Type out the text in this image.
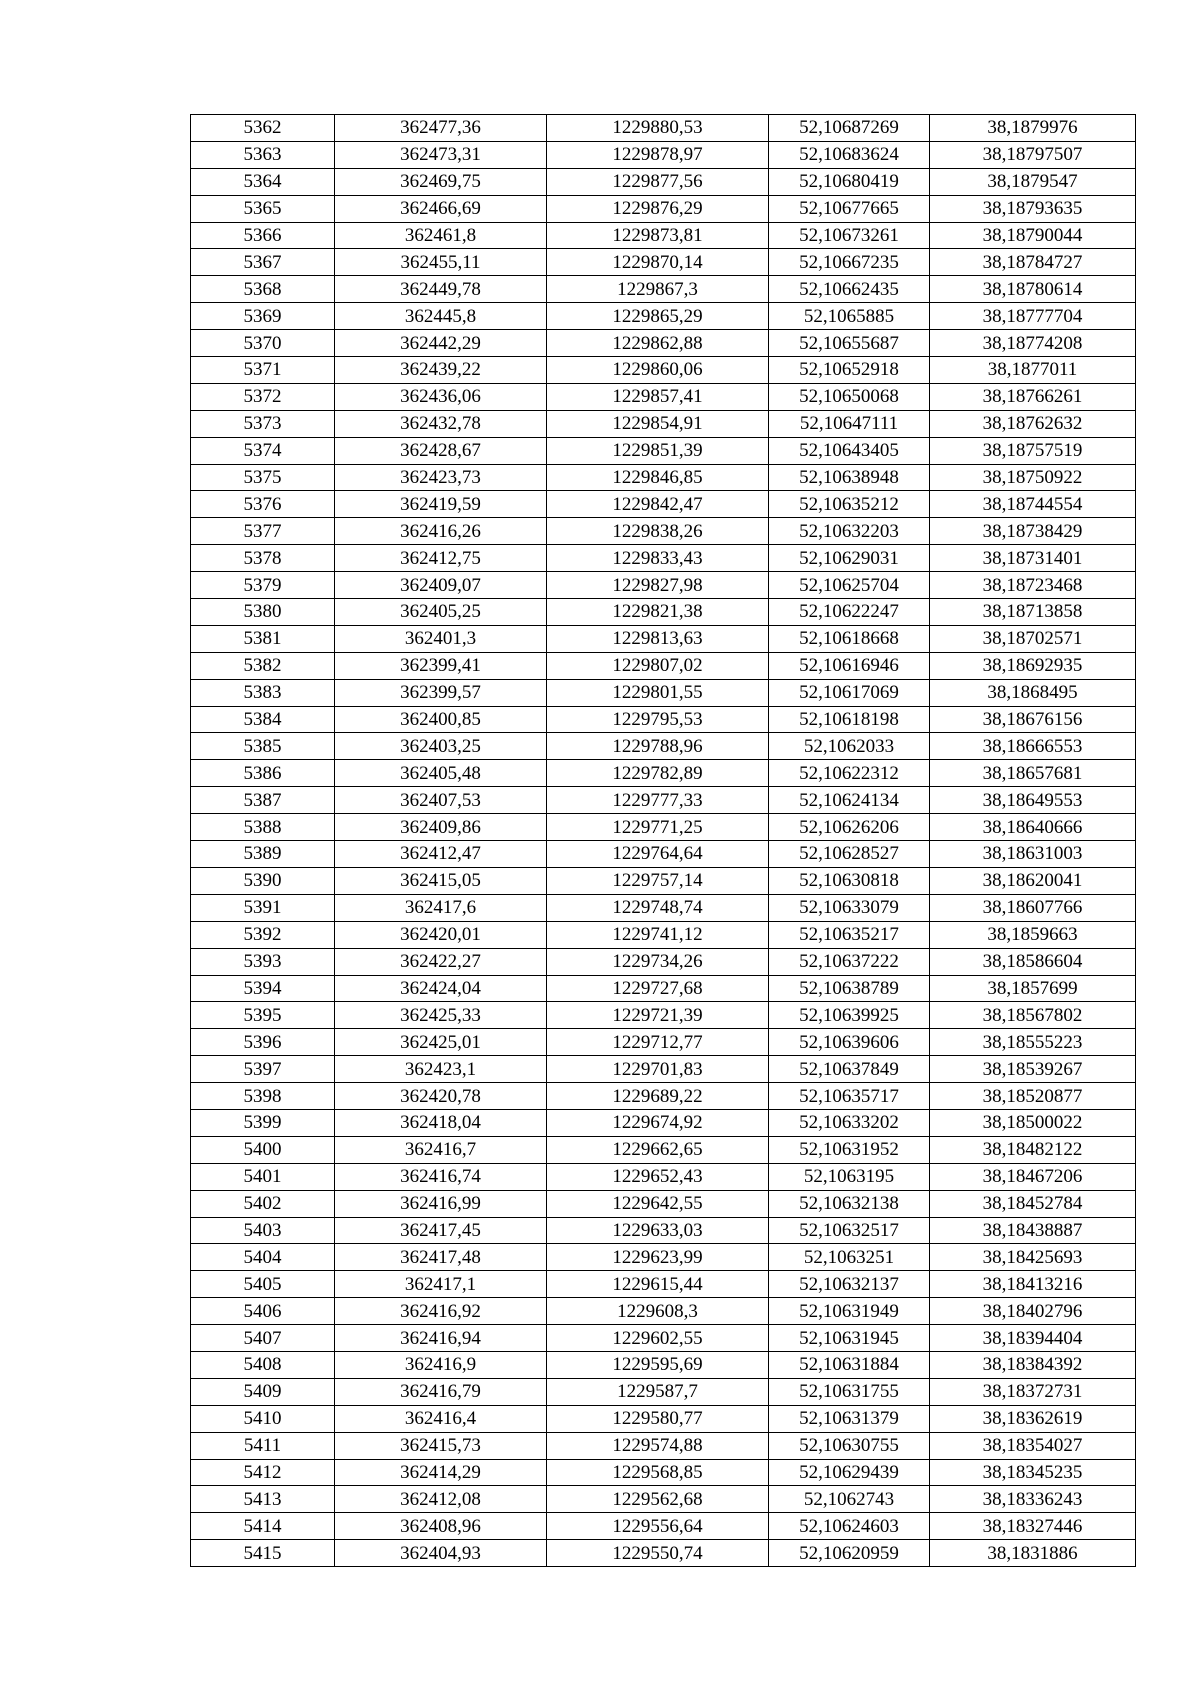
5362	362477,36	1229880,53	52,10687269	38,1879976
5363	362473,31	1229878,97	52,10683624	38,18797507
5364	362469,75	1229877,56	52,10680419	38,1879547
5365	362466,69	1229876,29	52,10677665	38,18793635
5366	362461,8	1229873,81	52,10673261	38,18790044
5367	362455,11	1229870,14	52,10667235	38,18784727
5368	362449,78	1229867,3	52,10662435	38,18780614
5369	362445,8	1229865,29	52,1065885	38,18777704
5370	362442,29	1229862,88	52,10655687	38,18774208
5371	362439,22	1229860,06	52,10652918	38,1877011
5372	362436,06	1229857,41	52,10650068	38,18766261
5373	362432,78	1229854,91	52,10647111	38,18762632
5374	362428,67	1229851,39	52,10643405	38,18757519
5375	362423,73	1229846,85	52,10638948	38,18750922
5376	362419,59	1229842,47	52,10635212	38,18744554
5377	362416,26	1229838,26	52,10632203	38,18738429
5378	362412,75	1229833,43	52,10629031	38,18731401
5379	362409,07	1229827,98	52,10625704	38,18723468
5380	362405,25	1229821,38	52,10622247	38,18713858
5381	362401,3	1229813,63	52,10618668	38,18702571
5382	362399,41	1229807,02	52,10616946	38,18692935
5383	362399,57	1229801,55	52,10617069	38,1868495
5384	362400,85	1229795,53	52,10618198	38,18676156
5385	362403,25	1229788,96	52,1062033	38,18666553
5386	362405,48	1229782,89	52,10622312	38,18657681
5387	362407,53	1229777,33	52,10624134	38,18649553
5388	362409,86	1229771,25	52,10626206	38,18640666
5389	362412,47	1229764,64	52,10628527	38,18631003
5390	362415,05	1229757,14	52,10630818	38,18620041
5391	362417,6	1229748,74	52,10633079	38,18607766
5392	362420,01	1229741,12	52,10635217	38,1859663
5393	362422,27	1229734,26	52,10637222	38,18586604
5394	362424,04	1229727,68	52,10638789	38,1857699
5395	362425,33	1229721,39	52,10639925	38,18567802
5396	362425,01	1229712,77	52,10639606	38,18555223
5397	362423,1	1229701,83	52,10637849	38,18539267
5398	362420,78	1229689,22	52,10635717	38,18520877
5399	362418,04	1229674,92	52,10633202	38,18500022
5400	362416,7	1229662,65	52,10631952	38,18482122
5401	362416,74	1229652,43	52,1063195	38,18467206
5402	362416,99	1229642,55	52,10632138	38,18452784
5403	362417,45	1229633,03	52,10632517	38,18438887
5404	362417,48	1229623,99	52,1063251	38,18425693
5405	362417,1	1229615,44	52,10632137	38,18413216
5406	362416,92	1229608,3	52,10631949	38,18402796
5407	362416,94	1229602,55	52,10631945	38,18394404
5408	362416,9	1229595,69	52,10631884	38,18384392
5409	362416,79	1229587,7	52,10631755	38,18372731
5410	362416,4	1229580,77	52,10631379	38,18362619
5411	362415,73	1229574,88	52,10630755	38,18354027
5412	362414,29	1229568,85	52,10629439	38,18345235
5413	362412,08	1229562,68	52,1062743	38,18336243
5414	362408,96	1229556,64	52,10624603	38,18327446
5415	362404,93	1229550,74	52,10620959	38,1831886
